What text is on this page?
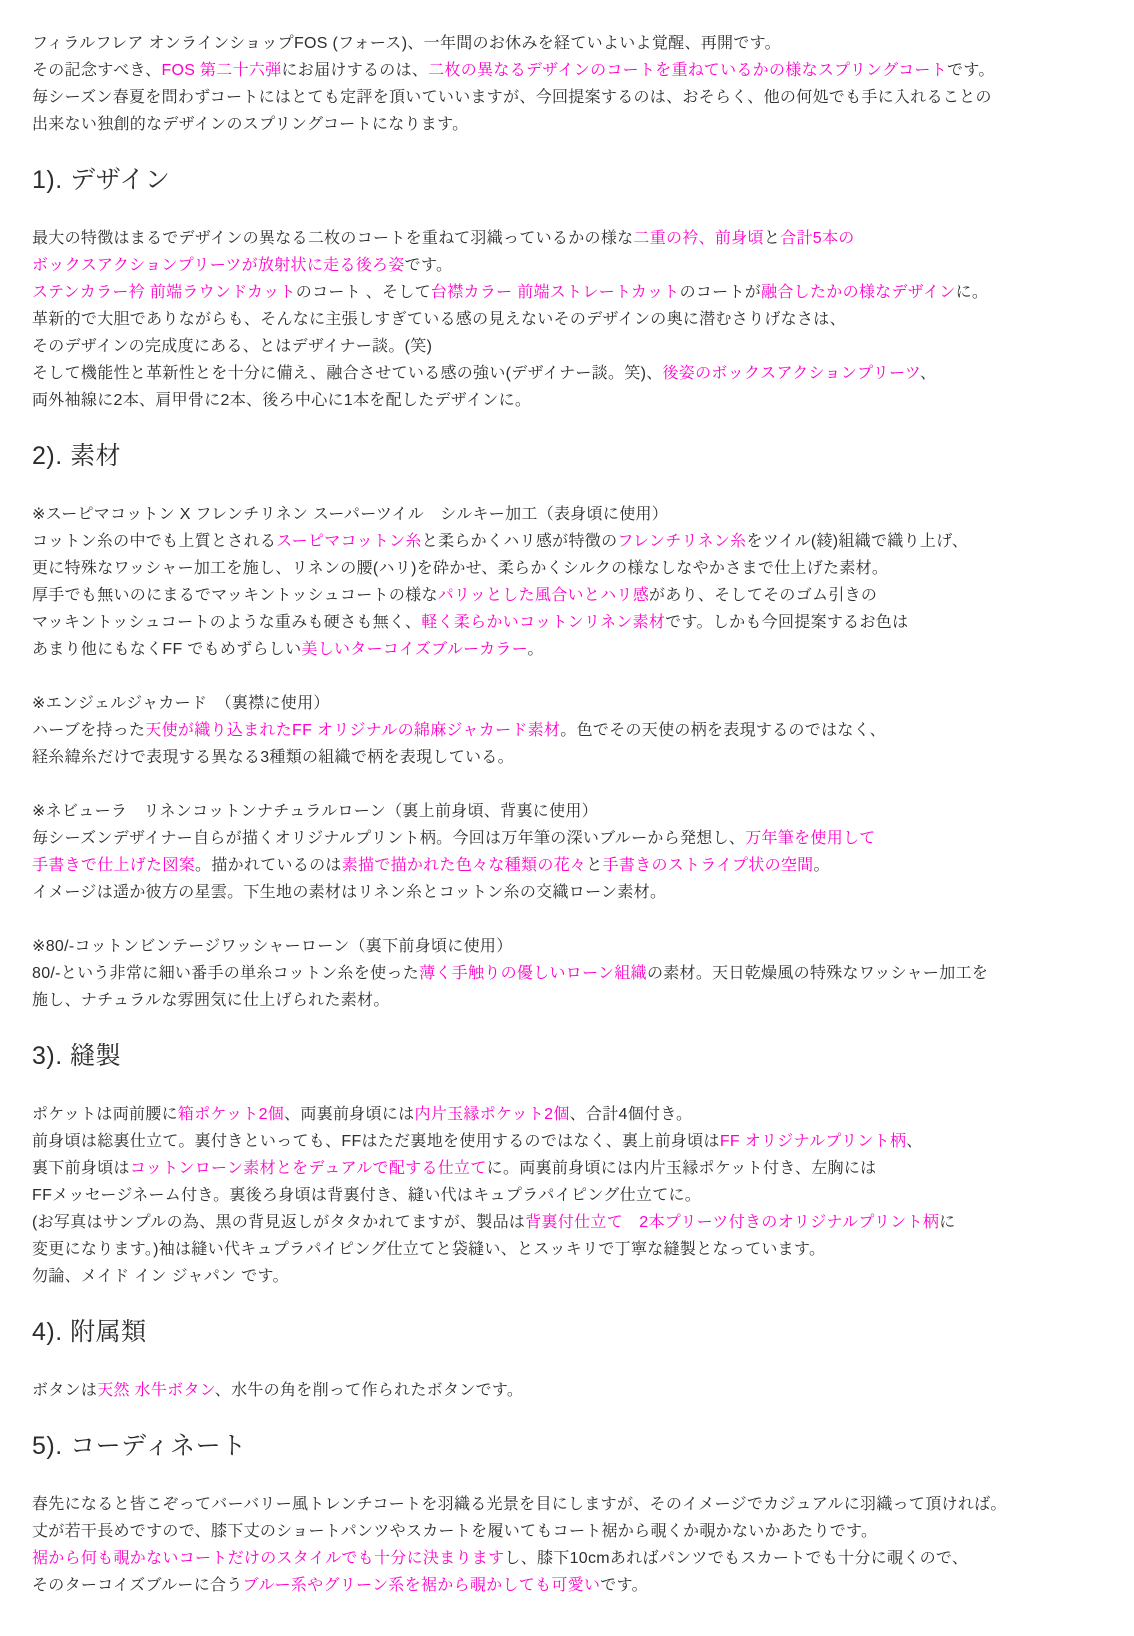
フィラルフレア オンラインショップFOS (フォース)、一年間のお休みを経ていよいよ覚醒、再開です。
その記念すべき、FOS 第二十六弾にお届けするのは、二枚の異なるデザインのコートを重ねているかの様なスプリングコートです。
毎シーズン春夏を問わずコートにはとても定評を頂いていいますが、今回提案するのは、おそらく、他の何処でも手に入れることの
出来ない独創的なデザインのスプリングコートになります。

1). デザイン

最大の特徴はまるでデザインの異なる二枚のコートを重ねて羽織っているかの様な二重の衿、前身頃と合計5本の
ボックスアクションプリーツが放射状に走る後ろ姿です。
ステンカラー衿 前端ラウンドカットのコート 、そして台襟カラー 前端ストレートカットのコートが融合したかの様なデザインに。
革新的で大胆でありながらも、そんなに主張しすぎている感の見えないそのデザインの奥に潜むさりげなさは、
そのデザインの完成度にある、とはデザイナー談。(笑)
そして機能性と革新性とを十分に備え、融合させている感の強い(デザイナー談。笑)、後姿のボックスアクションプリーツ、
両外袖線に2本、肩甲骨に2本、後ろ中心に1本を配したデザインに。

2). 素材

※スーピマコットン X フレンチリネン スーパーツイル　シルキー加工（表身頃に使用）
コットン糸の中でも上質とされるスーピマコットン糸と柔らかくハリ感が特徴のフレンチリネン糸をツイル(綾)組織で織り上げ、
更に特殊なワッシャー加工を施し、リネンの腰(ハリ)を砕かせ、柔らかくシルクの様なしなやかさまで仕上げた素材。
厚手でも無いのにまるでマッキントッシュコートの様なパリッとした風合いとハリ感があり、そしてそのゴム引きの
マッキントッシュコートのような重みも硬さも無く、軽く柔らかいコットンリネン素材です。しかも今回提案するお色は
あまり他にもなくFF でもめずらしい美しいターコイズブルーカラー。

※エンジェルジャカード　（裏襟に使用）
ハーブを持った天使が織り込まれたFF オリジナルの綿麻ジャカード素材。色でその天使の柄を表現するのではなく、
経糸緯糸だけで表現する異なる3種類の組織で柄を表現している。

※ネビューラ　リネンコットンナチュラルローン（裏上前身頃、背裏に使用）
毎シーズンデザイナー自らが描くオリジナルプリント柄。今回は万年筆の深いブルーから発想し、万年筆を使用して
手書きで仕上げた図案。描かれているのは素描で描かれた色々な種類の花々と手書きのストライプ状の空間。
イメージは遥か彼方の星雲。下生地の素材はリネン糸とコットン糸の交織ローン素材。

※80/-コットンビンテージワッシャーローン（裏下前身頃に使用）
80/-という非常に細い番手の単糸コットン糸を使った薄く手触りの優しいローン組織の素材。天日乾燥風の特殊なワッシャー加工を
施し、ナチュラルな雰囲気に仕上げられた素材。

3). 縫製

ポケットは両前腰に箱ポケット2個、両裏前身頃には内片玉縁ポケット2個、合計4個付き。
前身頃は総裏仕立て。裏付きといっても、FFはただ裏地を使用するのではなく、裏上前身頃はFF オリジナルプリント柄、
裏下前身頃はコットンローン素材とをデュアルで配する仕立てに。両裏前身頃には内片玉縁ポケット付き、左胸には
FFメッセージネーム付き。裏後ろ身頃は背裏付き、縫い代はキュプラパイピング仕立てに。
(お写真はサンプルの為、黒の背見返しがタタかれてますが、製品は背裏付仕立て　2本プリーツ付きのオリジナルプリント柄に
変更になります。)袖は縫い代キュプラパイピング仕立てと袋縫い、とスッキリで丁寧な縫製となっています。
勿論、メイド イン ジャパン です。

4). 附属類

ボタンは天然 水牛ボタン、水牛の角を削って作られたボタンです。

5). コーディネート

春先になると皆こぞってバーバリー風トレンチコートを羽織る光景を目にしますが、そのイメージでカジュアルに羽織って頂ければ。
丈が若干長めですので、膝下丈のショートパンツやスカートを履いてもコート裾から覗くか覗かないかあたりです。
裾から何も覗かないコートだけのスタイルでも十分に決まりますし、膝下10cmあればパンツでもスカートでも十分に覗くので、
そのターコイズブルーに合うブルー系やグリーン系を裾から覗かしても可愛いです。
